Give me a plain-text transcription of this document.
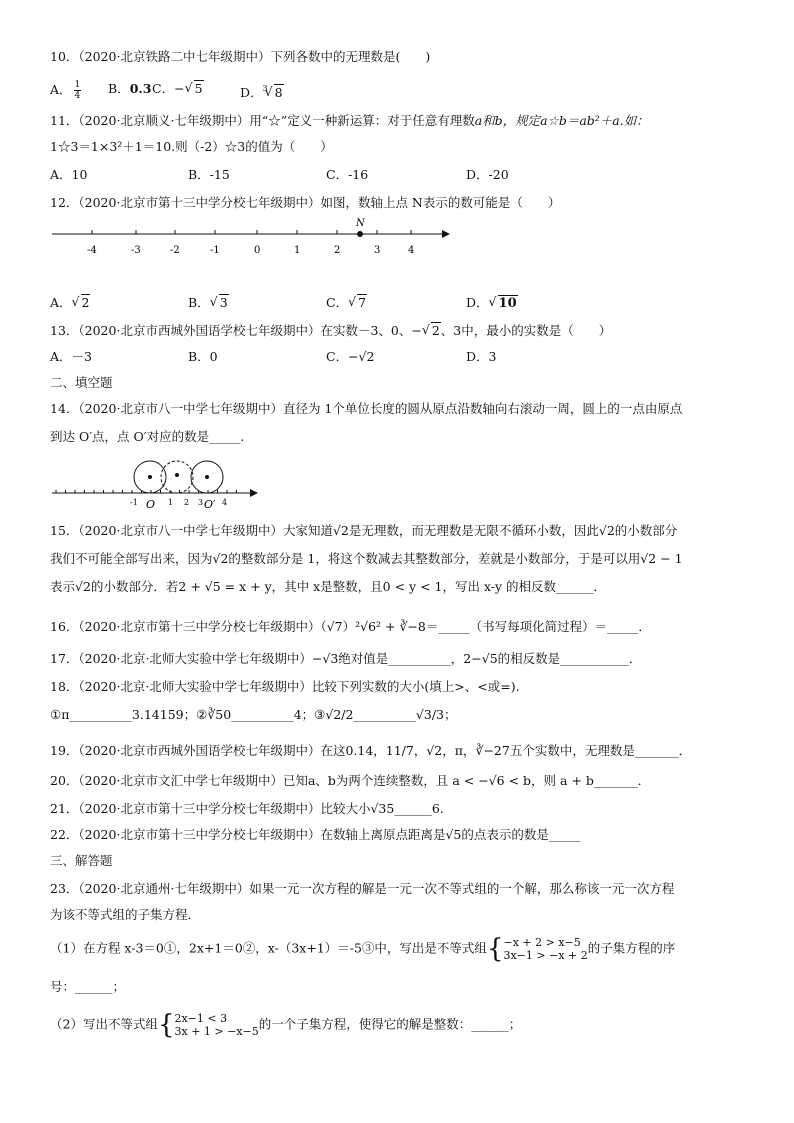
10．（2020·北京铁路二中七年级期中）下列各数中的无理数是(　　)
A． $\frac{1}{4}$ B．0.3 C．− √ 5	D．$^3$ √ 8
11．（2020·北京顺义·七年级期中）用“☆”定义一种新运算：对于任意有理数a和b，规定a☆b＝ab²＋a.如：
1☆3＝1×3²＋1＝10.则（-2）☆3的值为（　　）
A．10	B．-15	C．-16	D．-20
12．（2020·北京市第十三中学分校七年级期中）如图，数轴上点 N表示的数可能是（　　）
-4	-3	-2	-1	0	1	2	3	4
N
A． √ 2	B． √ 3	C． √ 7	D． √ 10
13．（2020·北京市西城外国语学校七年级期中）在实数－3、0、− √ 2、3中，最小的实数是（　　）
A．－3	B．0	C．−√2	D．3
二、填空题
14．（2020·北京市八一中学七年级期中）直径为 1个单位长度的圆从原点沿数轴向右滚动一周，圆上的一点由原点
到达 O′点，点 O′对应的数是_____.
-1 O 1 2 3 O′ 4
15．（2020·北京市八一中学七年级期中）大家知道√2是无理数，而无理数是无限不循环小数，因此√2的小数部分
我们不可能全部写出来，因为√2的整数部分是 1，将这个数减去其整数部分，差就是小数部分，于是可以用√2 − 1
表示√2的小数部分．若2 + √5 = x + y，其中 x是整数，且0 < y < 1，写出 x-y 的相反数______．
16．（2020·北京市第十三中学分校七年级期中）（√7）²√6² + ∛−8＝_____（书写每项化简过程）＝_____．
17．（2020·北京·北师大实验中学七年级期中）−√3绝对值是__________，2−√5的相反数是___________．
18．（2020·北京·北师大实验中学七年级期中）比较下列实数的大小(填上>、<或=).
①π__________3.14159；②∛50__________4；③√2/2__________√3/3；
19．（2020·北京市西城外国语学校七年级期中）在这0.14，11/7，√2，π，∛−27五个实数中，无理数是_______．
20．（2020·北京市文汇中学七年级期中）已知a、b为两个连续整数，且 a < −√6 < b，则 a + b_______．
21．（2020·北京市第十三中学分校七年级期中）比较大小√35______6.
22．（2020·北京市第十三中学分校七年级期中）在数轴上离原点距离是√5的点表示的数是_____
三、解答题
23．（2020·北京通州·七年级期中）如果一元一次方程的解是一元一次不等式组的一个解，那么称该一元一次方程
为该不等式组的子集方程．
（1）在方程 x-3＝0①，2x+1＝0②，x-（3x+1）＝-5③中，写出是不等式组{ −x + 2 > x−5
3x−1 > −x + 2 的子集方程的序
号：______；
（2）写出不等式组{ 2x−1 < 3
3x + 1 > −x−5 的一个子集方程，使得它的解是整数：______；
